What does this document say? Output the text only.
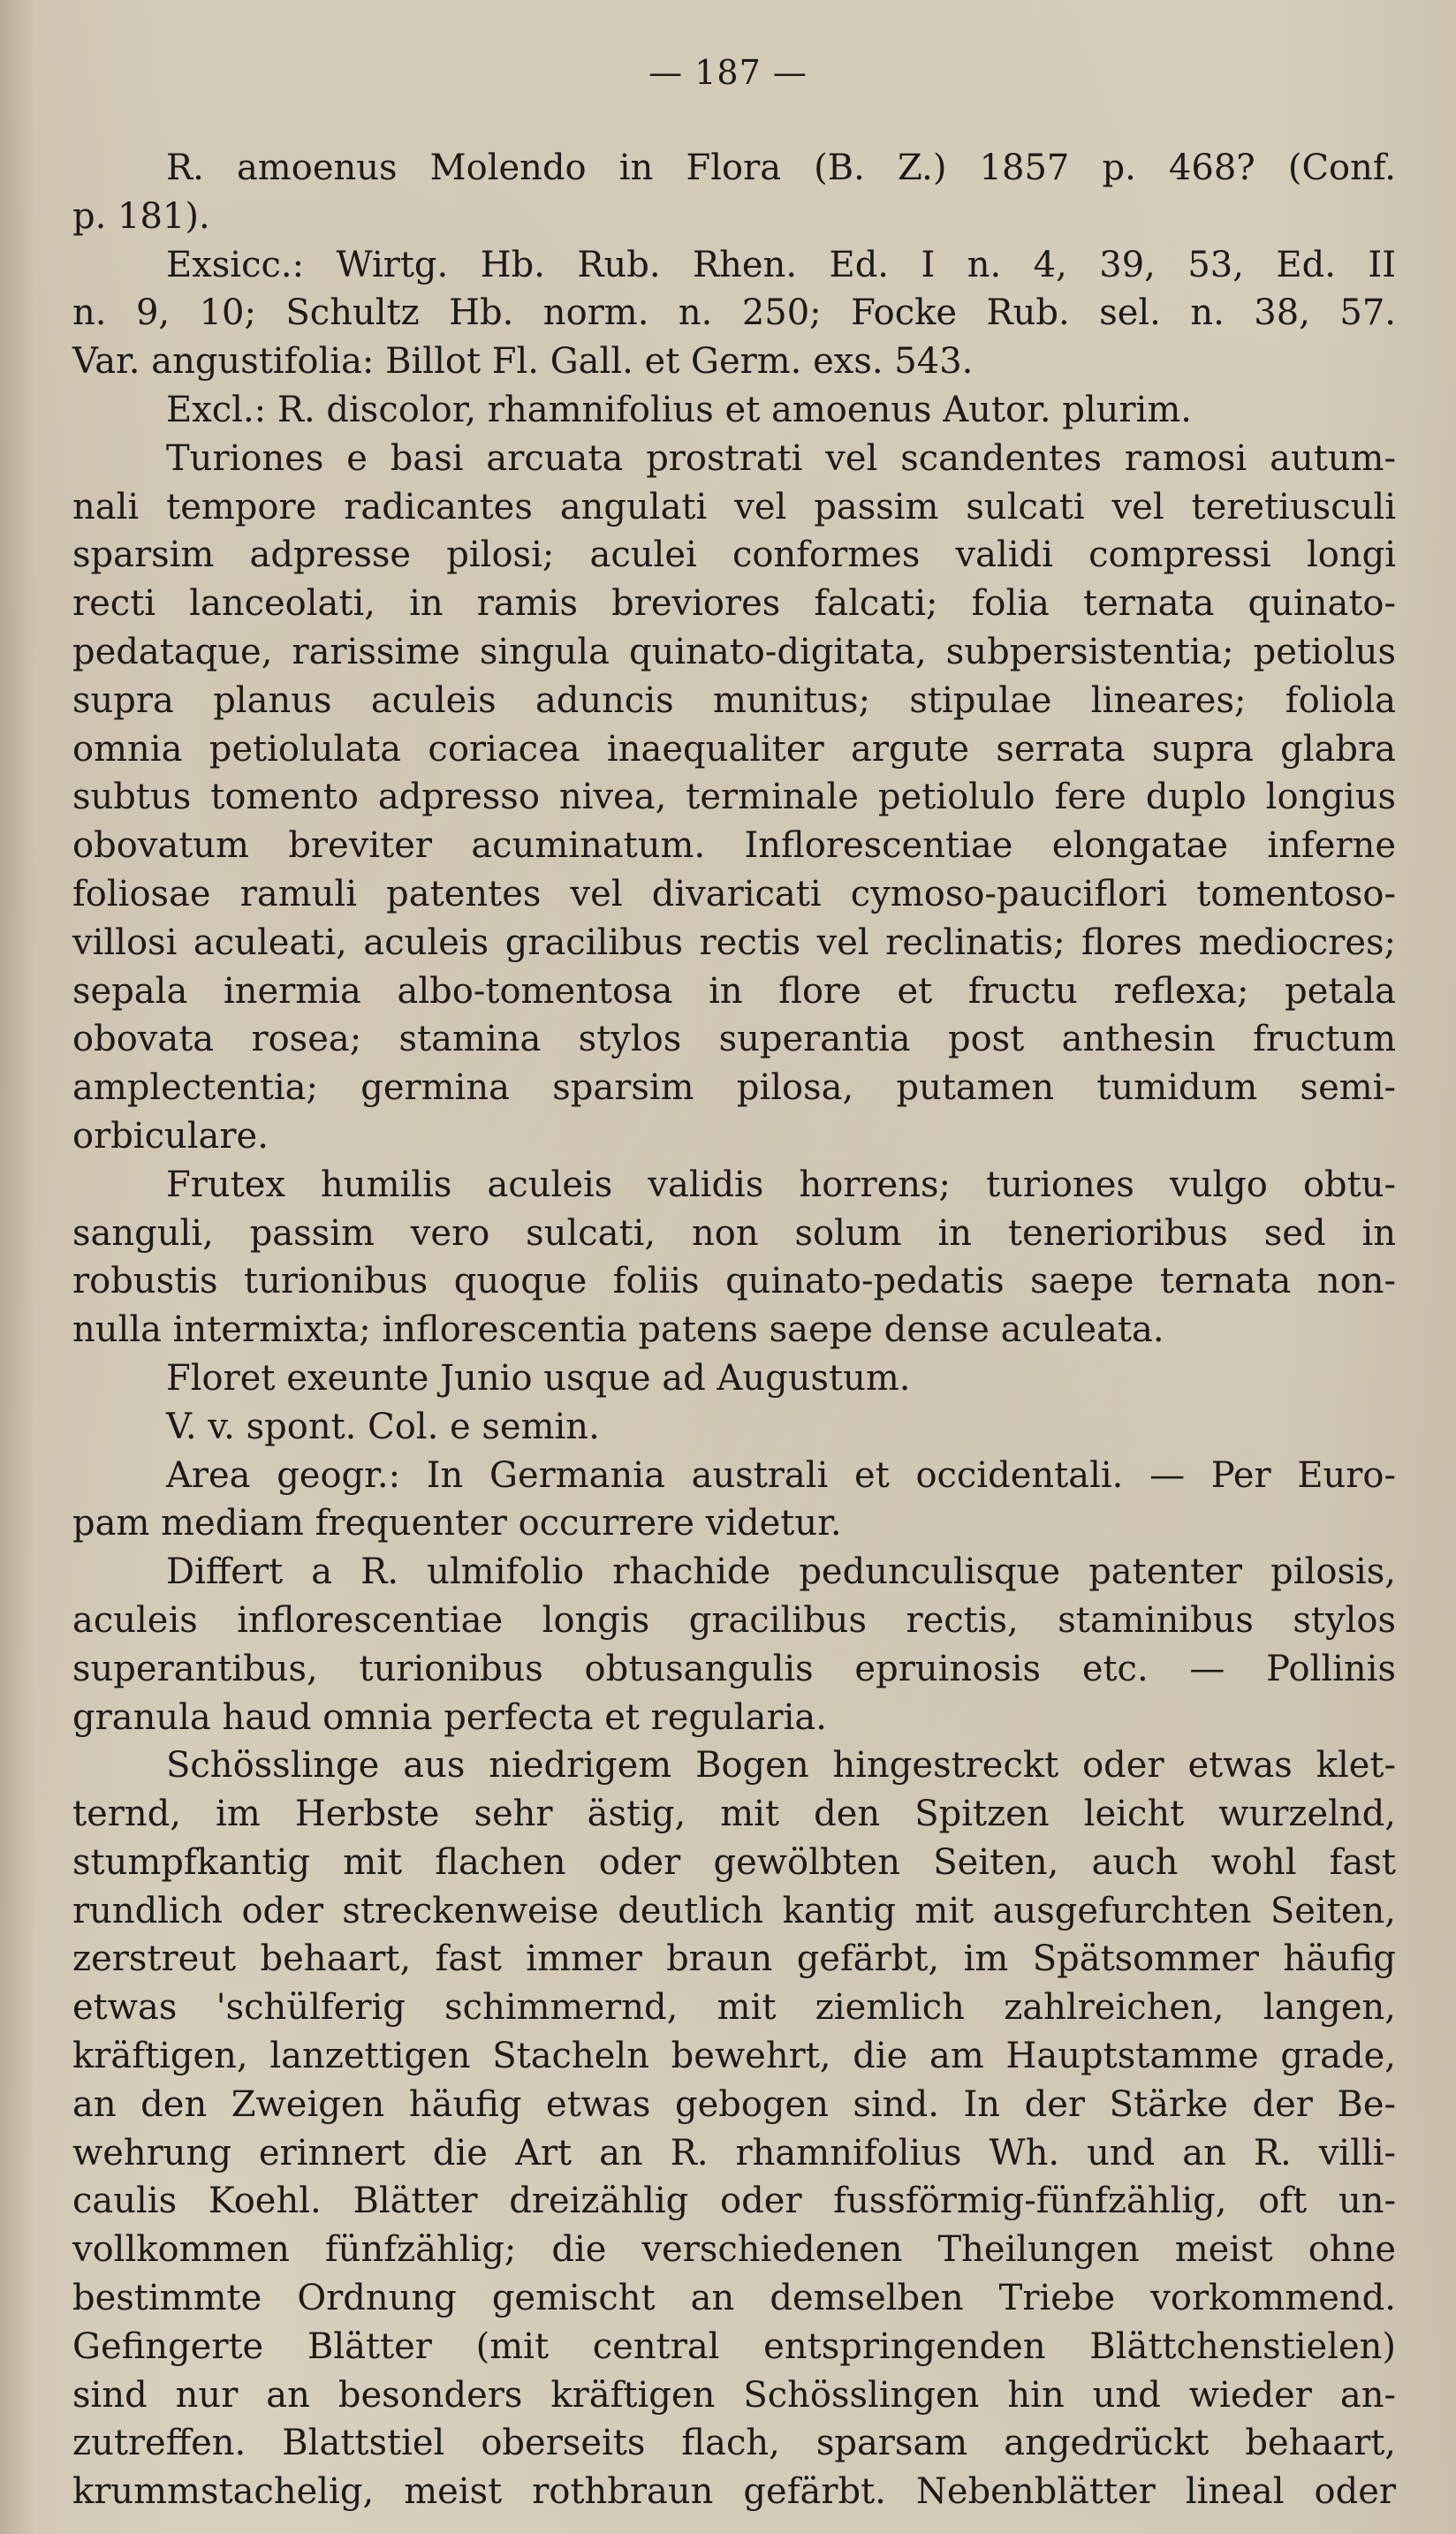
— 187 —
R. amoenus Molendo in Flora (B. Z.) 1857 p. 468? (Conf.
p. 181).
Exsicc.: Wirtg. Hb. Rub. Rhen. Ed. I n. 4, 39, 53, Ed. II
n. 9, 10; Schultz Hb. norm. n. 250; Focke Rub. sel. n. 38, 57.
Var. angustifolia: Billot Fl. Gall. et Germ. exs. 543.
Excl.: R. discolor, rhamnifolius et amoenus Autor. plurim.
Turiones e basi arcuata prostrati vel scandentes ramosi autum-
nali tempore radicantes angulati vel passim sulcati vel teretiusculi
sparsim adpresse pilosi; aculei conformes validi compressi longi
recti lanceolati, in ramis breviores falcati; folia ternata quinato-
pedataque, rarissime singula quinato-digitata, subpersistentia; petiolus
supra planus aculeis aduncis munitus; stipulae lineares; foliola
omnia petiolulata coriacea inaequaliter argute serrata supra glabra
subtus tomento adpresso nivea, terminale petiolulo fere duplo longius
obovatum breviter acuminatum. Inflorescentiae elongatae inferne
foliosae ramuli patentes vel divaricati cymoso-pauciflori tomentoso-
villosi aculeati, aculeis gracilibus rectis vel reclinatis; flores mediocres;
sepala inermia albo-tomentosa in flore et fructu reflexa; petala
obovata rosea; stamina stylos superantia post anthesin fructum
amplectentia; germina sparsim pilosa, putamen tumidum semi-
orbiculare.
Frutex humilis aculeis validis horrens; turiones vulgo obtu-
sanguli, passim vero sulcati, non solum in tenerioribus sed in
robustis turionibus quoque foliis quinato-pedatis saepe ternata non-
nulla intermixta; inflorescentia patens saepe dense aculeata.
Floret exeunte Junio usque ad Augustum.
V. v. spont. Col. e semin.
Area geogr.: In Germania australi et occidentali. — Per Euro-
pam mediam frequenter occurrere videtur.
Differt a R. ulmifolio rhachide pedunculisque patenter pilosis,
aculeis inflorescentiae longis gracilibus rectis, staminibus stylos
superantibus, turionibus obtusangulis epruinosis etc. — Pollinis
granula haud omnia perfecta et regularia.
Schösslinge aus niedrigem Bogen hingestreckt oder etwas klet-
ternd, im Herbste sehr ästig, mit den Spitzen leicht wurzelnd,
stumpfkantig mit flachen oder gewölbten Seiten, auch wohl fast
rundlich oder streckenweise deutlich kantig mit ausgefurchten Seiten,
zerstreut behaart, fast immer braun gefärbt, im Spätsommer häufig
etwas 'schülferig schimmernd, mit ziemlich zahlreichen, langen,
kräftigen, lanzettigen Stacheln bewehrt, die am Hauptstamme grade,
an den Zweigen häufig etwas gebogen sind. In der Stärke der Be-
wehrung erinnert die Art an R. rhamnifolius Wh. und an R. villi-
caulis Koehl. Blätter dreizählig oder fussförmig-fünfzählig, oft un-
vollkommen fünfzählig; die verschiedenen Theilungen meist ohne
bestimmte Ordnung gemischt an demselben Triebe vorkommend.
Gefingerte Blätter (mit central entspringenden Blättchenstielen)
sind nur an besonders kräftigen Schösslingen hin und wieder an-
zutreffen. Blattstiel oberseits flach, sparsam angedrückt behaart,
krummstachelig, meist rothbraun gefärbt. Nebenblätter lineal oder
